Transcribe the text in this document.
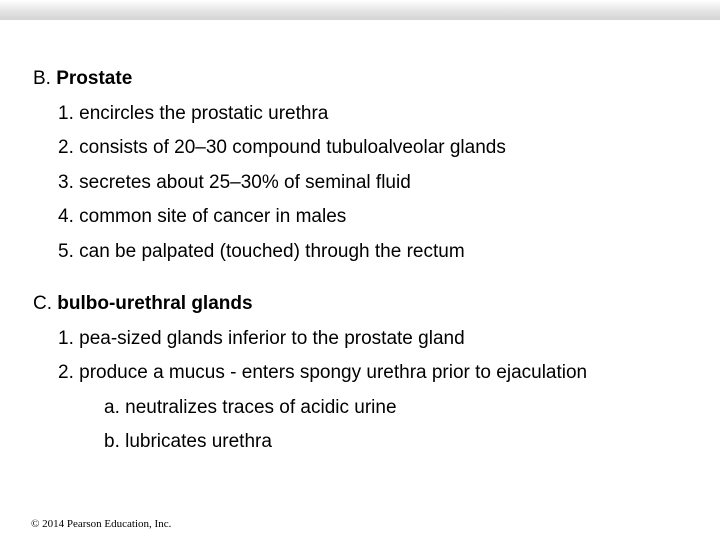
B. Prostate
1. encircles the prostatic urethra
2. consists of 20–30 compound tubuloalveolar glands
3. secretes about 25–30% of seminal fluid
4. common site of cancer in males
5. can be palpated (touched) through the rectum
C. bulbo-urethral glands
1. pea-sized glands inferior to the prostate gland
2. produce a mucus - enters spongy urethra prior to ejaculation
a. neutralizes traces of acidic urine
b. lubricates urethra
© 2014 Pearson Education, Inc.
